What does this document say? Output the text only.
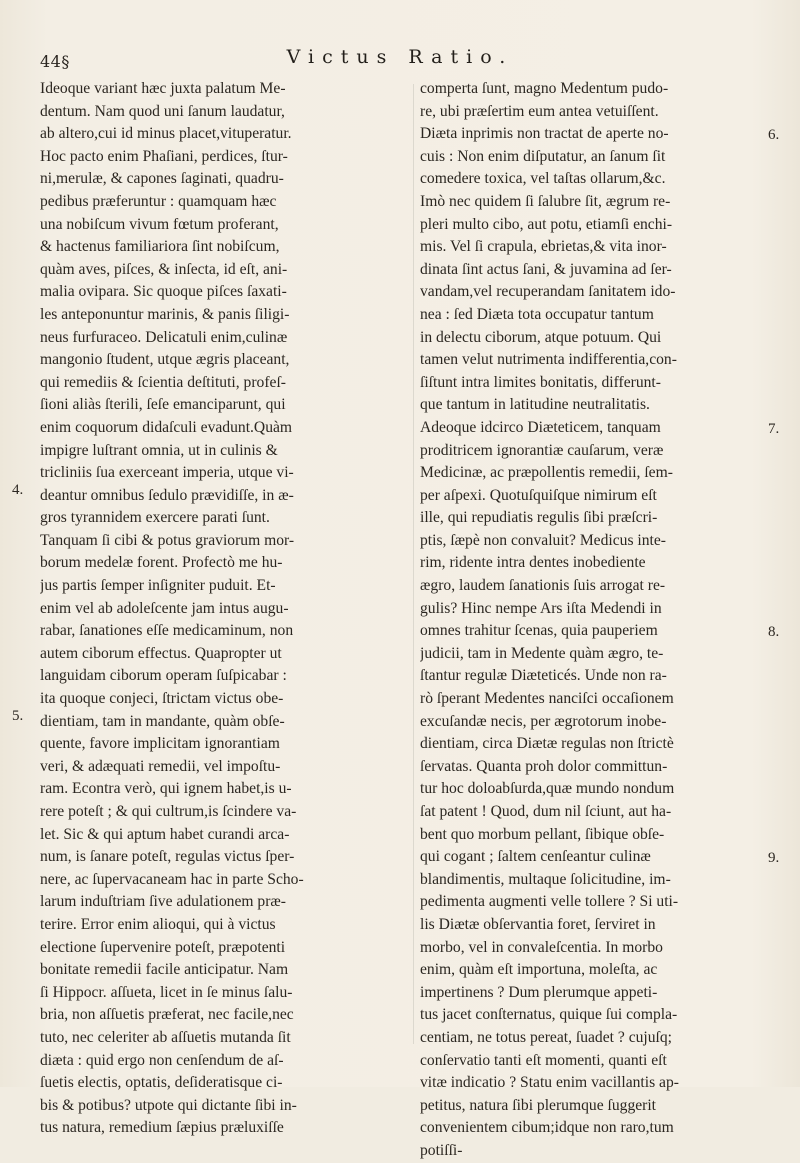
44§	Victus Ratio.
Ideoque variant hæc juxta palatum Me-
dentum. Nam quod uni ſanum laudatur,
ab altero,cui id minus placet,vituperatur.
Hoc pacto enim Phaſiani, perdices, ſtur-
ni,merulæ, & capones ſaginati, quadru-
pedibus præferuntur : quamquam hæc
una nobiſcum vivum fœtum proferant,
& hactenus familiariora ſint nobiſcum,
quàm aves, piſces, & inſecta, id eſt, ani-
malia ovipara. Sic quoque piſces ſaxati-
les anteponuntur marinis, & panis ſiligi-
neus furfuraceo. Delicatuli enim,culinæ
mangonio ſtudent, utque ægris placeant,
qui remediis & ſcientia deſtituti, profeſ-
ſioni aliàs ſterili, ſeſe emanciparunt, qui
enim coquorum didaſculi evadunt.Quàm
impigre luſtrant omnia, ut in culinis &
tricliniis ſua exerceant imperia, utque vi-
deantur omnibus ſedulo prævidiſſe, in æ-
gros tyrannidem exercere parati ſunt.
Tanquam ſi cibi & potus graviorum mor-
borum medelæ forent. Profectò me hu-
jus partis ſemper inſigniter puduit. Et-
enim vel ab adoleſcente jam intus augu-
rabar, ſanationes eſſe medicaminum, non
autem ciborum effectus. Quapropter ut
languidam ciborum operam ſuſpicabar :
ita quoque conjeci, ſtrictam victus obe-
dientiam, tam in mandante, quàm obſe-
quente, favore implicitam ignorantiam
veri, & adæquati remedii, vel impoſtu-
ram. Econtra verò, qui ignem habet,is u-
rere poteſt ; & qui cultrum,is ſcindere va-
let. Sic & qui aptum habet curandi arca-
num, is ſanare poteſt, regulas victus ſper-
nere, ac ſupervacaneam hac in parte Scho-
larum induſtriam ſive adulationem præ-
terire. Error enim alioqui, qui à victus
electione ſupervenire poteſt, præpotenti
bonitate remedii facile anticipatur. Nam
ſi Hippocr. aſſueta, licet in ſe minus ſalu-
bria, non aſſuetis præferat, nec facile,nec
tuto, nec celeriter ab aſſuetis mutanda ſit
diæta : quid ergo non cenſendum de aſ-
ſuetis electis, optatis, deſideratisque ci-
bis & potibus? utpote qui dictante ſibi in-
tus natura, remedium ſæpius præluxiſſe
comperta ſunt, magno Medentum pudo-
re, ubi præſertim eum antea vetuiſſent.
Diæta inprimis non tractat de aperte no-
cuis : Non enim diſputatur, an ſanum ſit
comedere toxica, vel taſtas ollarum,&c.
Imò nec quidem ſi ſalubre ſit, ægrum re-
pleri multo cibo, aut potu, etiamſi enchi-
mis. Vel ſi crapula, ebrietas,& vita inor-
dinata ſint actus ſani, & juvamina ad ſer-
vandam,vel recuperandam ſanitatem ido-
nea : ſed Diæta tota occupatur tantum
in delectu ciborum, atque potuum. Qui
tamen velut nutrimenta indifferentia,con-
ſiſtunt intra limites bonitatis, differunt-
que tantum in latitudine neutralitatis.
Adeoque idcirco Diæteticem, tanquam
proditricem ignorantiæ cauſarum, veræ
Medicinæ, ac præpollentis remedii, ſem-
per aſpexi. Quotuſquiſque nimirum eſt
ille, qui repudiatis regulis ſibi præſcri-
ptis, ſæpè non convaluit? Medicus inte-
rim, ridente intra dentes inobediente
ægro, laudem ſanationis ſuis arrogat re-
gulis? Hinc nempe Ars iſta Medendi in
omnes trahitur ſcenas, quia pauperiem
judicii, tam in Medente quàm ægro, te-
ſtantur regulæ Diæteticés. Unde non ra-
rò ſperant Medentes nanciſci occaſionem
excuſandæ necis, per ægrotorum inobe-
dientiam, circa Diætæ regulas non ſtrictè
ſervatas. Quanta proh dolor committun-
tur hoc doloabſurda,quæ mundo nondum
ſat patent ! Quod, dum nil ſciunt, aut ha-
bent quo morbum pellant, ſibique obſe-
qui cogant ; ſaltem cenſeantur culinæ
blandimentis, multaque ſolicitudine, im-
pedimenta augmenti velle tollere ? Si uti-
lis Diætæ obſervantia foret, ſerviret in
morbo, vel in convaleſcentia. In morbo
enim, quàm eſt importuna, moleſta, ac
impertinens ? Dum plerumque appeti-
tus jacet conſternatus, quique ſui compla-
centiam, ne totus pereat, ſuadet ? cujuſq;
conſervatio tanti eſt momenti, quanti eſt
vitæ indicatio ? Statu enim vacillantis ap-
petitus, natura ſibi plerumque ſuggerit
convenientem cibum;idque non raro,tum
potiſſi-
4.
5.
6.
7.
8.
9.
